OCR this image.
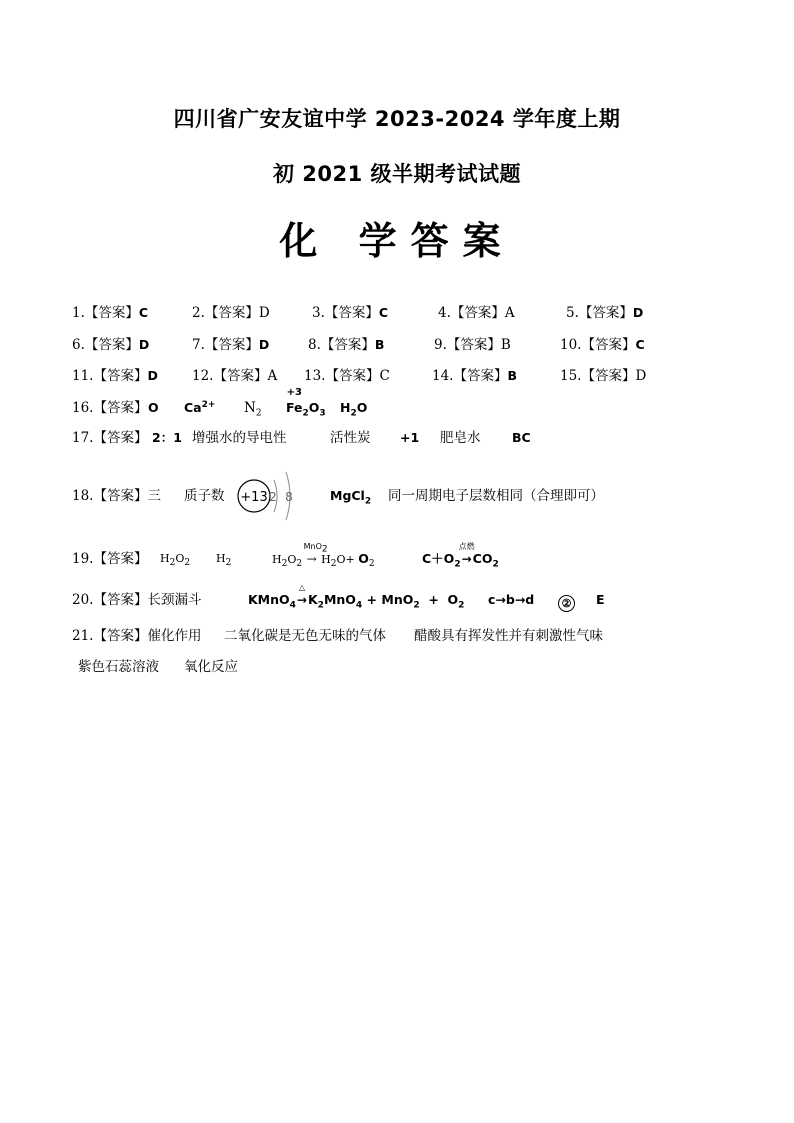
四川省广安友谊中学 2023-2024 学年度上期
初 2021 级半期考试试题
化 学答案
1.【答案】C	2.【答案】D	3.【答案】C	4.【答案】A	5.【答案】D
6.【答案】D	7.【答案】D	8.【答案】B	9.【答案】B	10.【答案】C
11.【答案】D	12.【答案】A 13.【答案】C	14.【答案】B	15.【答案】D
16.【答案】 O $Ca^{2+}$ $N_2$
+3
$Fe_2O_3$ $H_2O$
17.【答案】 2：1 增强水的导电性	活性炭 +1 肥皂水	BC
18.【答案】三 质子数 +13 2 8	MgCl$_2$ 同一周期电子层数相同（合理即可）
19.【答案】 $H_2O_2$ $H_2$	$H_2O_2$
MnO$_2$
→ $H_2O+ O_2$	$C+O_2$
点燃
$\to CO_2$
20.【答案】长颈漏斗	KMnO$_4$
△
$\to K_2MnO_4 + MnO_2 + O_2$ c→b→d	② E
21.【答案】催化作用 二氧化碳是无色无味的气体 醋酸具有挥发性并有刺激性气味
紫色石蕊溶液 氧化反应
